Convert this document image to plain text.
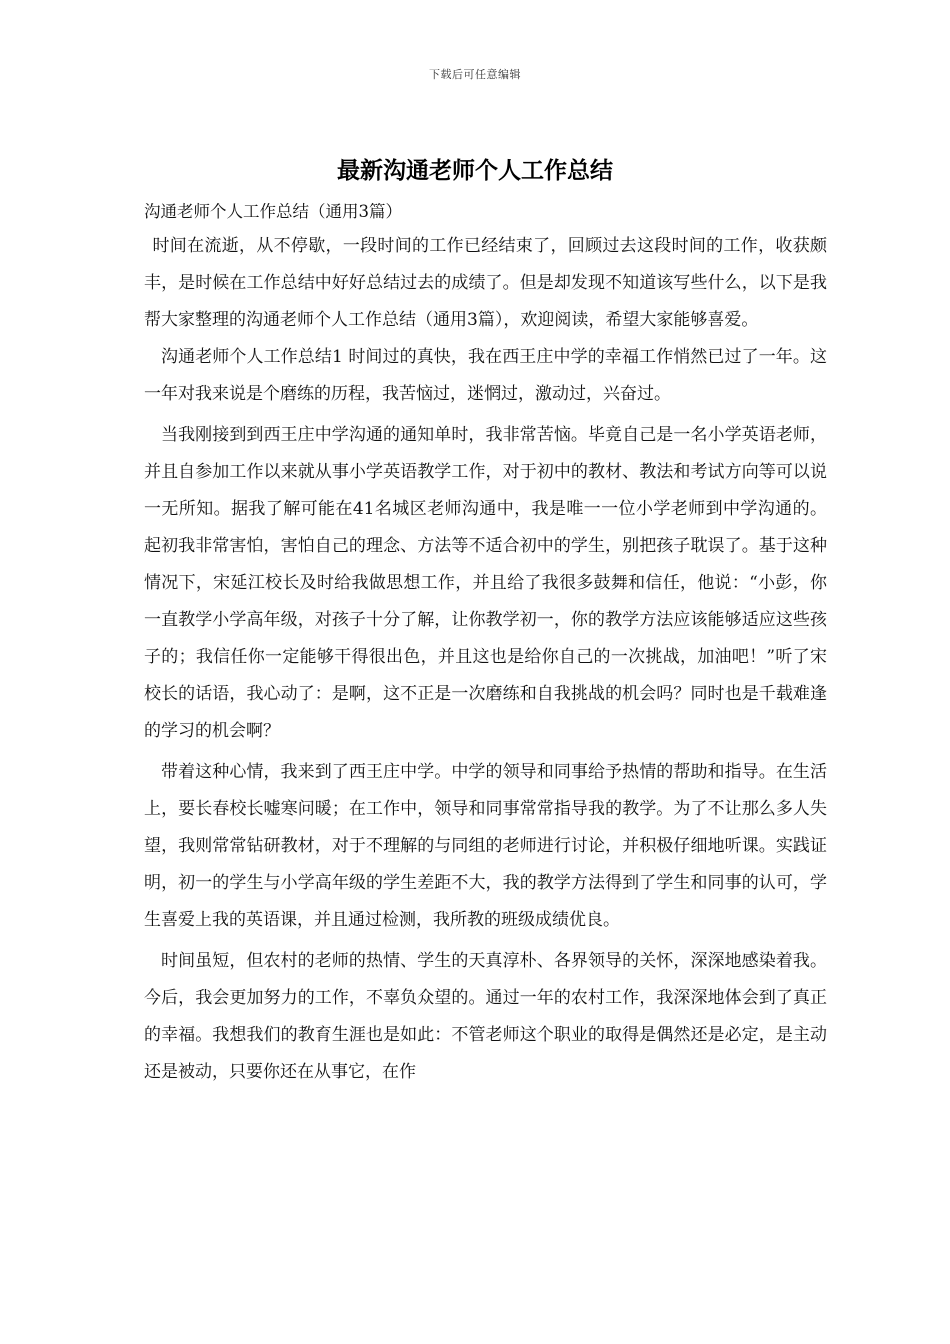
下载后可任意编辑
最新沟通老师个人工作总结

沟通老师个人工作总结（通用3篇）

时间在流逝，从不停歇，一段时间的工作已经结束了，回顾过去这段时间的工作，收获颇丰，是时候在工作总结中好好总结过去的成绩了。但是却发现不知道该写些什么，以下是我帮大家整理的沟通老师个人工作总结（通用3篇），欢迎阅读，希望大家能够喜爱。

沟通老师个人工作总结1 时间过的真快，我在西王庄中学的幸福工作悄然已过了一年。这一年对我来说是个磨练的历程，我苦恼过，迷惘过，激动过，兴奋过。

当我刚接到到西王庄中学沟通的通知单时，我非常苦恼。毕竟自己是一名小学英语老师，并且自参加工作以来就从事小学英语教学工作，对于初中的教材、教法和考试方向等可以说一无所知。据我了解可能在41名城区老师沟通中，我是唯一一位小学老师到中学沟通的。起初我非常害怕，害怕自己的理念、方法等不适合初中的学生，别把孩子耽误了。基于这种情况下，宋延江校长及时给我做思想工作，并且给了我很多鼓舞和信任，他说：“小彭，你一直教学小学高年级，对孩子十分了解，让你教学初一，你的教学方法应该能够适应这些孩子的；我信任你一定能够干得很出色，并且这也是给你自己的一次挑战，加油吧！”听了宋校长的话语，我心动了：是啊，这不正是一次磨练和自我挑战的机会吗？同时也是千载难逢的学习的机会啊？

带着这种心情，我来到了西王庄中学。中学的领导和同事给予热情的帮助和指导。在生活上，要长春校长嘘寒问暖；在工作中，领导和同事常常指导我的教学。为了不让那么多人失望，我则常常钻研教材，对于不理解的与同组的老师进行讨论，并积极仔细地听课。实践证明，初一的学生与小学高年级的学生差距不大，我的教学方法得到了学生和同事的认可，学生喜爱上我的英语课，并且通过检测，我所教的班级成绩优良。

时间虽短，但农村的老师的热情、学生的天真淳朴、各界领导的关怀，深深地感染着我。今后，我会更加努力的工作，不辜负众望的。通过一年的农村工作，我深深地体会到了真正的幸福。我想我们的教育生涯也是如此：不管老师这个职业的取得是偶然还是必定，是主动还是被动，只要你还在从事它，在作
